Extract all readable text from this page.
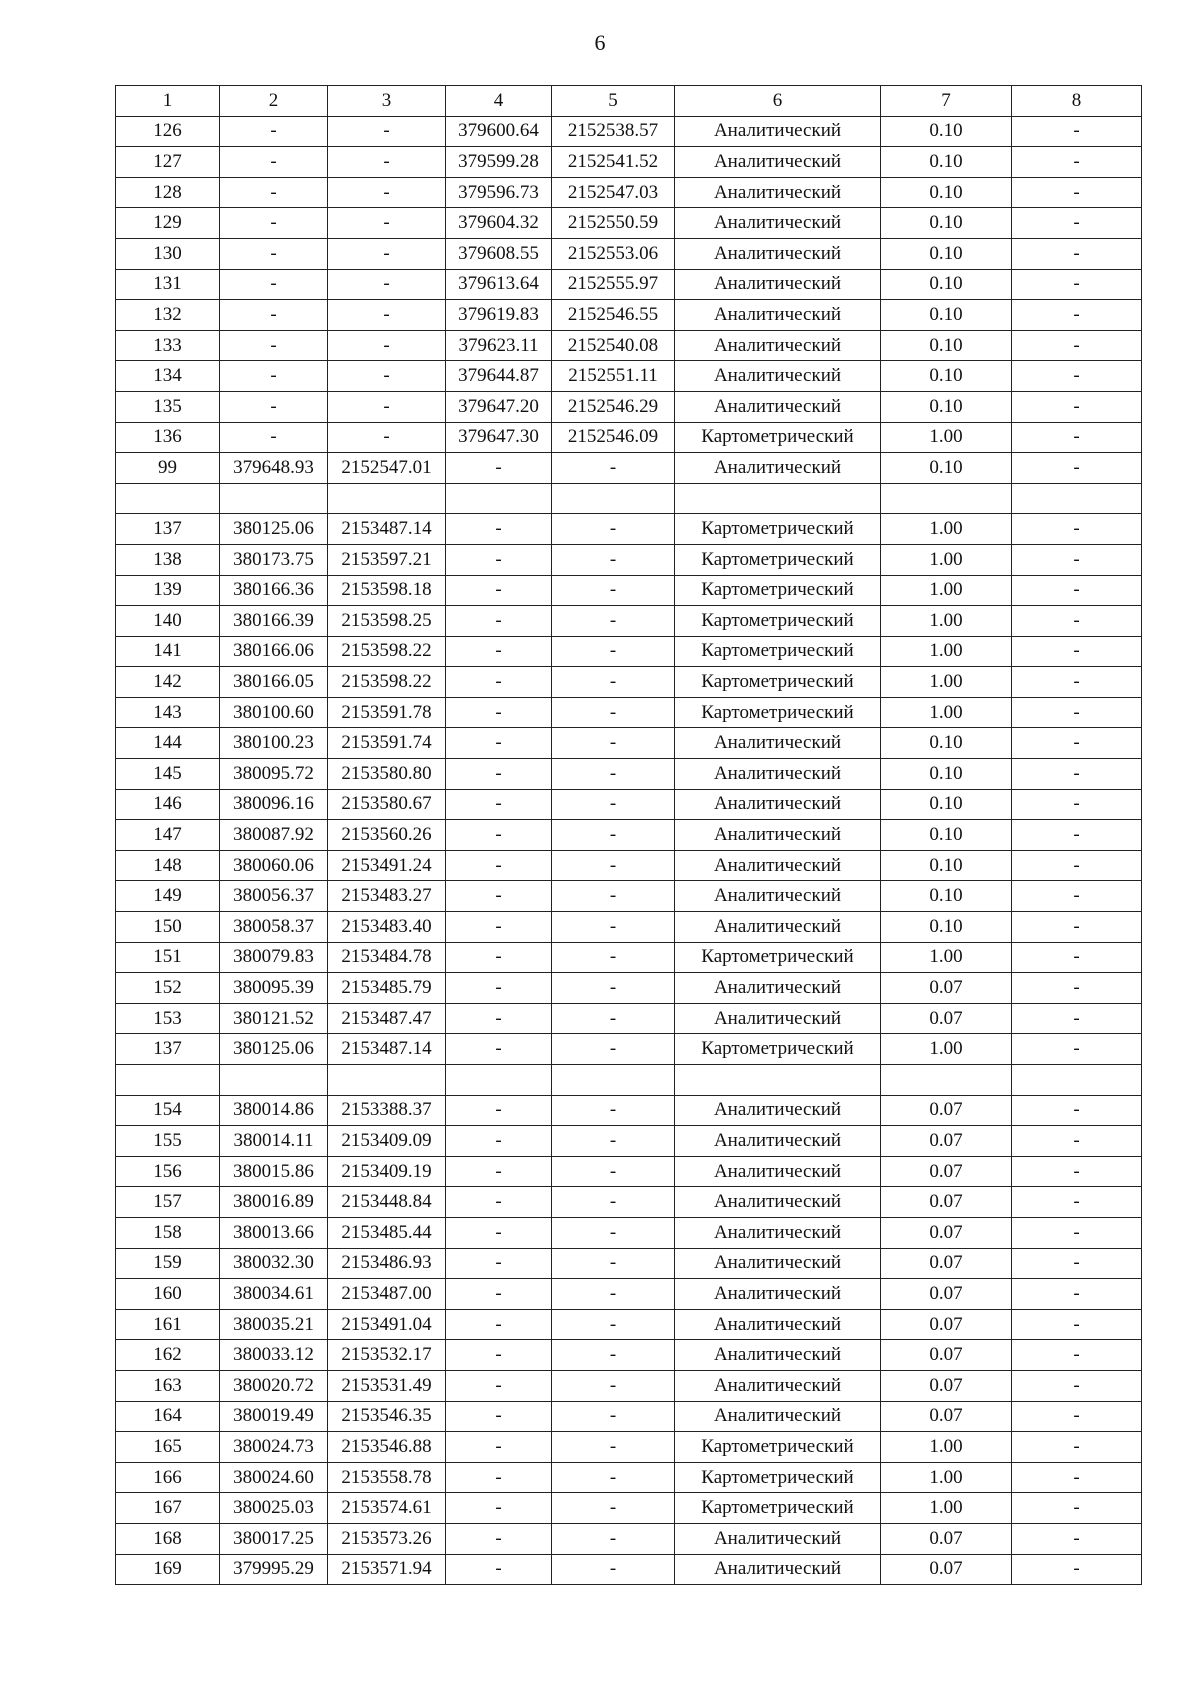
6
1	2	3	4	5	6	7	8
126	-	-	379600.64	2152538.57	Аналитический	0.10	-
127	-	-	379599.28	2152541.52	Аналитический	0.10	-
128	-	-	379596.73	2152547.03	Аналитический	0.10	-
129	-	-	379604.32	2152550.59	Аналитический	0.10	-
130	-	-	379608.55	2152553.06	Аналитический	0.10	-
131	-	-	379613.64	2152555.97	Аналитический	0.10	-
132	-	-	379619.83	2152546.55	Аналитический	0.10	-
133	-	-	379623.11	2152540.08	Аналитический	0.10	-
134	-	-	379644.87	2152551.11	Аналитический	0.10	-
135	-	-	379647.20	2152546.29	Аналитический	0.10	-
136	-	-	379647.30	2152546.09	Картометрический	1.00	-
99	379648.93	2152547.01	-	-	Аналитический	0.10	-

137	380125.06	2153487.14	-	-	Картометрический	1.00	-
138	380173.75	2153597.21	-	-	Картометрический	1.00	-
139	380166.36	2153598.18	-	-	Картометрический	1.00	-
140	380166.39	2153598.25	-	-	Картометрический	1.00	-
141	380166.06	2153598.22	-	-	Картометрический	1.00	-
142	380166.05	2153598.22	-	-	Картометрический	1.00	-
143	380100.60	2153591.78	-	-	Картометрический	1.00	-
144	380100.23	2153591.74	-	-	Аналитический	0.10	-
145	380095.72	2153580.80	-	-	Аналитический	0.10	-
146	380096.16	2153580.67	-	-	Аналитический	0.10	-
147	380087.92	2153560.26	-	-	Аналитический	0.10	-
148	380060.06	2153491.24	-	-	Аналитический	0.10	-
149	380056.37	2153483.27	-	-	Аналитический	0.10	-
150	380058.37	2153483.40	-	-	Аналитический	0.10	-
151	380079.83	2153484.78	-	-	Картометрический	1.00	-
152	380095.39	2153485.79	-	-	Аналитический	0.07	-
153	380121.52	2153487.47	-	-	Аналитический	0.07	-
137	380125.06	2153487.14	-	-	Картометрический	1.00	-

154	380014.86	2153388.37	-	-	Аналитический	0.07	-
155	380014.11	2153409.09	-	-	Аналитический	0.07	-
156	380015.86	2153409.19	-	-	Аналитический	0.07	-
157	380016.89	2153448.84	-	-	Аналитический	0.07	-
158	380013.66	2153485.44	-	-	Аналитический	0.07	-
159	380032.30	2153486.93	-	-	Аналитический	0.07	-
160	380034.61	2153487.00	-	-	Аналитический	0.07	-
161	380035.21	2153491.04	-	-	Аналитический	0.07	-
162	380033.12	2153532.17	-	-	Аналитический	0.07	-
163	380020.72	2153531.49	-	-	Аналитический	0.07	-
164	380019.49	2153546.35	-	-	Аналитический	0.07	-
165	380024.73	2153546.88	-	-	Картометрический	1.00	-
166	380024.60	2153558.78	-	-	Картометрический	1.00	-
167	380025.03	2153574.61	-	-	Картометрический	1.00	-
168	380017.25	2153573.26	-	-	Аналитический	0.07	-
169	379995.29	2153571.94	-	-	Аналитический	0.07	-
